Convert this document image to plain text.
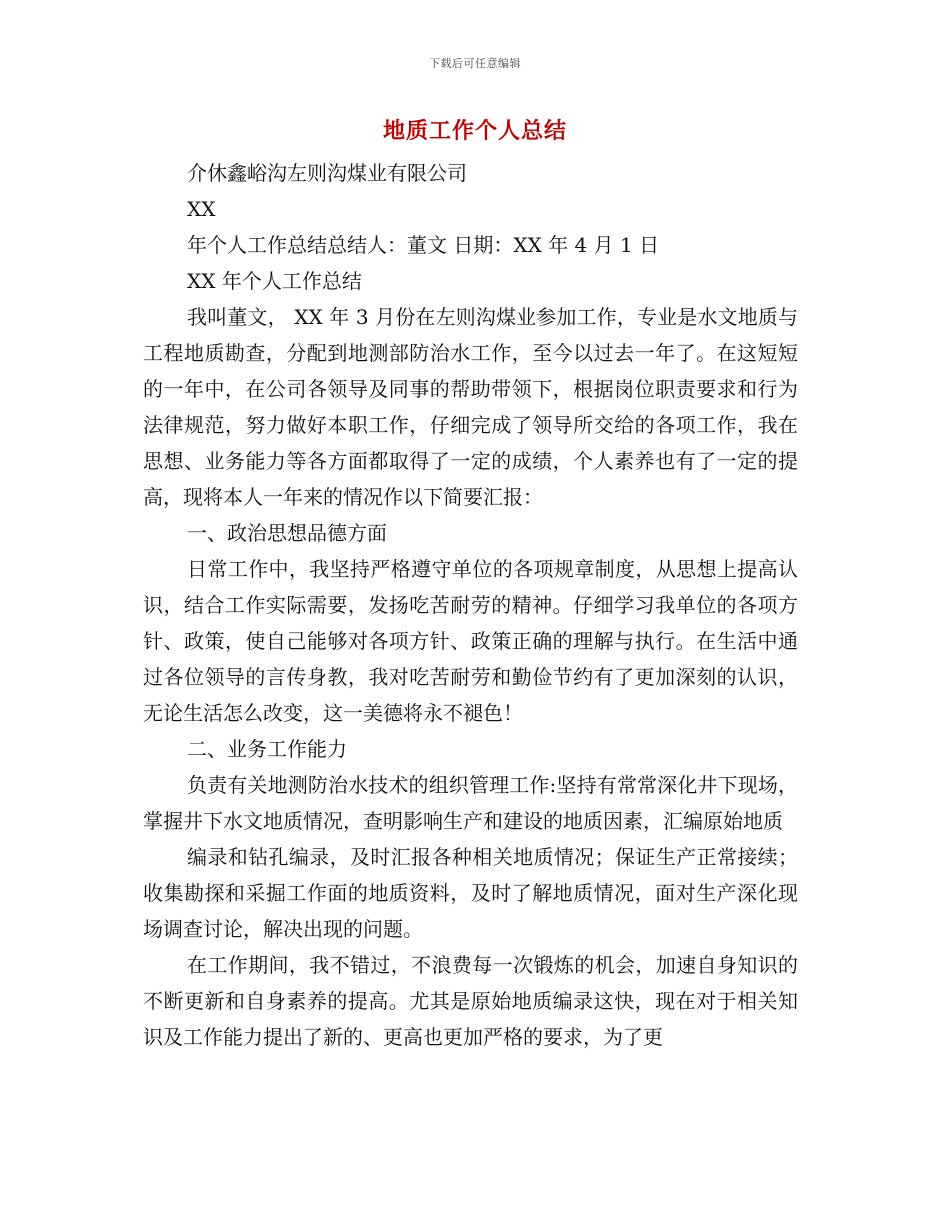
下载后可任意编辑
地质工作个人总结

介休鑫峪沟左则沟煤业有限公司

XX

年个人工作总结总结人：董文 日期：XX 年 4 月 1 日

XX 年个人工作总结

我叫董文， XX 年 3 月份在左则沟煤业参加工作，专业是水文地质与工程地质勘查，分配到地测部防治水工作，至今以过去一年了。在这短短的一年中，在公司各领导及同事的帮助带领下，根据岗位职责要求和行为法律规范，努力做好本职工作，仔细完成了领导所交给的各项工作，我在思想、业务能力等各方面都取得了一定的成绩，个人素养也有了一定的提高，现将本人一年来的情况作以下简要汇报：

一、政治思想品德方面

日常工作中，我坚持严格遵守单位的各项规章制度，从思想上提高认识，结合工作实际需要，发扬吃苦耐劳的精神。仔细学习我单位的各项方针、政策，使自己能够对各项方针、政策正确的理解与执行。在生活中通过各位领导的言传身教，我对吃苦耐劳和勤俭节约有了更加深刻的认识，无论生活怎么改变，这一美德将永不褪色！

二、业务工作能力

负责有关地测防治水技术的组织管理工作:坚持有常常深化井下现场，掌握井下水文地质情况，查明影响生产和建设的地质因素，汇编原始地质

编录和钻孔编录，及时汇报各种相关地质情况；保证生产正常接续；收集勘探和采掘工作面的地质资料，及时了解地质情况，面对生产深化现场调查讨论，解决出现的问题。

在工作期间，我不错过，不浪费每一次锻炼的机会，加速自身知识的不断更新和自身素养的提高。尤其是原始地质编录这快，现在对于相关知识及工作能力提出了新的、更高也更加严格的要求，为了更
